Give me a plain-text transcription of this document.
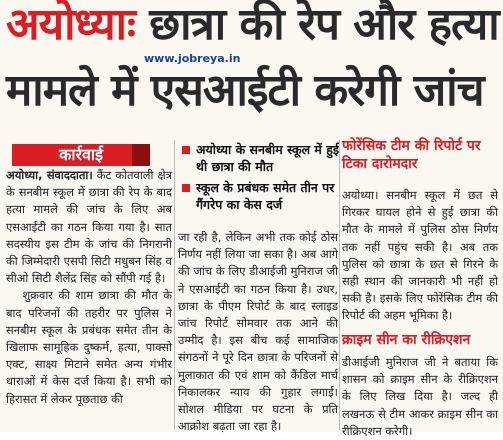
अयोध्याः छात्रा की रेप और हत्या
मामले में एसआईटी करेगी जांच
www.jobreya.in
कार्रवाई
अयोध्या, संवाददाता। कैंट कोतवाली क्षेत्र के सनबीम स्कूल में छात्रा की रेप के बाद हत्या मामले की जांच के लिए अब एसआईटी का गठन किया गया है। सात सदस्यीय इस टीम के जांच की निगरानी की जिम्मेदारी एसपी सिटी मधुबन सिंह व सीओ सिटी शैलेंद्र सिंह को सौंपी गई है।
शुक्रवार की शाम छात्रा की मौत के बाद परिजनों की तहरीर पर पुलिस ने सनबीम स्कूल के प्रबंधक समेत तीन के खिलाफ सामूहिक दुष्कर्म, हत्या, पाक्सो एक्ट, साक्ष्य मिटाने समेत अन्य गंभीर धाराओं में केस दर्ज किया है। सभी को हिरासत में लेकर पूछताछ की
अयोध्या के सनबीम स्कूल में हुई थी छात्रा की मौत
स्कूल के प्रबंधक समेत तीन पर गैंगरेप का केस दर्ज
जा रही है, लेकिन अभी तक कोई ठोस निर्णय नहीं लिया जा सका है। अब आगे की जांच के लिए डीआईजी मुनिराज जी ने एसआईटी का गठन किया है। उधर, छात्रा के पीएम रिपोर्ट के बाद स्लाइड जांच रिपोर्ट सोमवार तक आने की उम्मीद है। इस बीच कई सामाजिक संगठनों ने पूरे दिन छात्रा के परिजनों से मुलाकात की एवं शाम को कैंडिल मार्च निकालकर न्याय की गुहार लगाई। सोशल मीडिया पर घटना के प्रति आक्रोश बढ़ता जा रहा है।
फोरेंसिक टीम की रिपोर्ट पर टिका दारोमदार
अयोध्या। सनबीम स्कूल में छत से गिरकर घायल होने से हुई छात्रा की मौत के मामले में पुलिस ठोस निर्णय तक नहीं पहुंच सकी है। अब तक पुलिस को छात्रा के छत से गिरने के सही स्थान की जानकारी भी नहीं हो सकी है। इसके लिए फोरेंसिक टीम की रिपोर्ट की अहम भूमिका है।
क्राइम सीन का रीक्रिएशन
डीआईजी मुनिराज जी ने बताया कि शासन को क्राइम सीन के रीक्रिएशन के लिए लिख दिया है। जल्द ही लखनऊ से टीम आकर क्राइम सीन का रीक्रिएशन करेगी।
